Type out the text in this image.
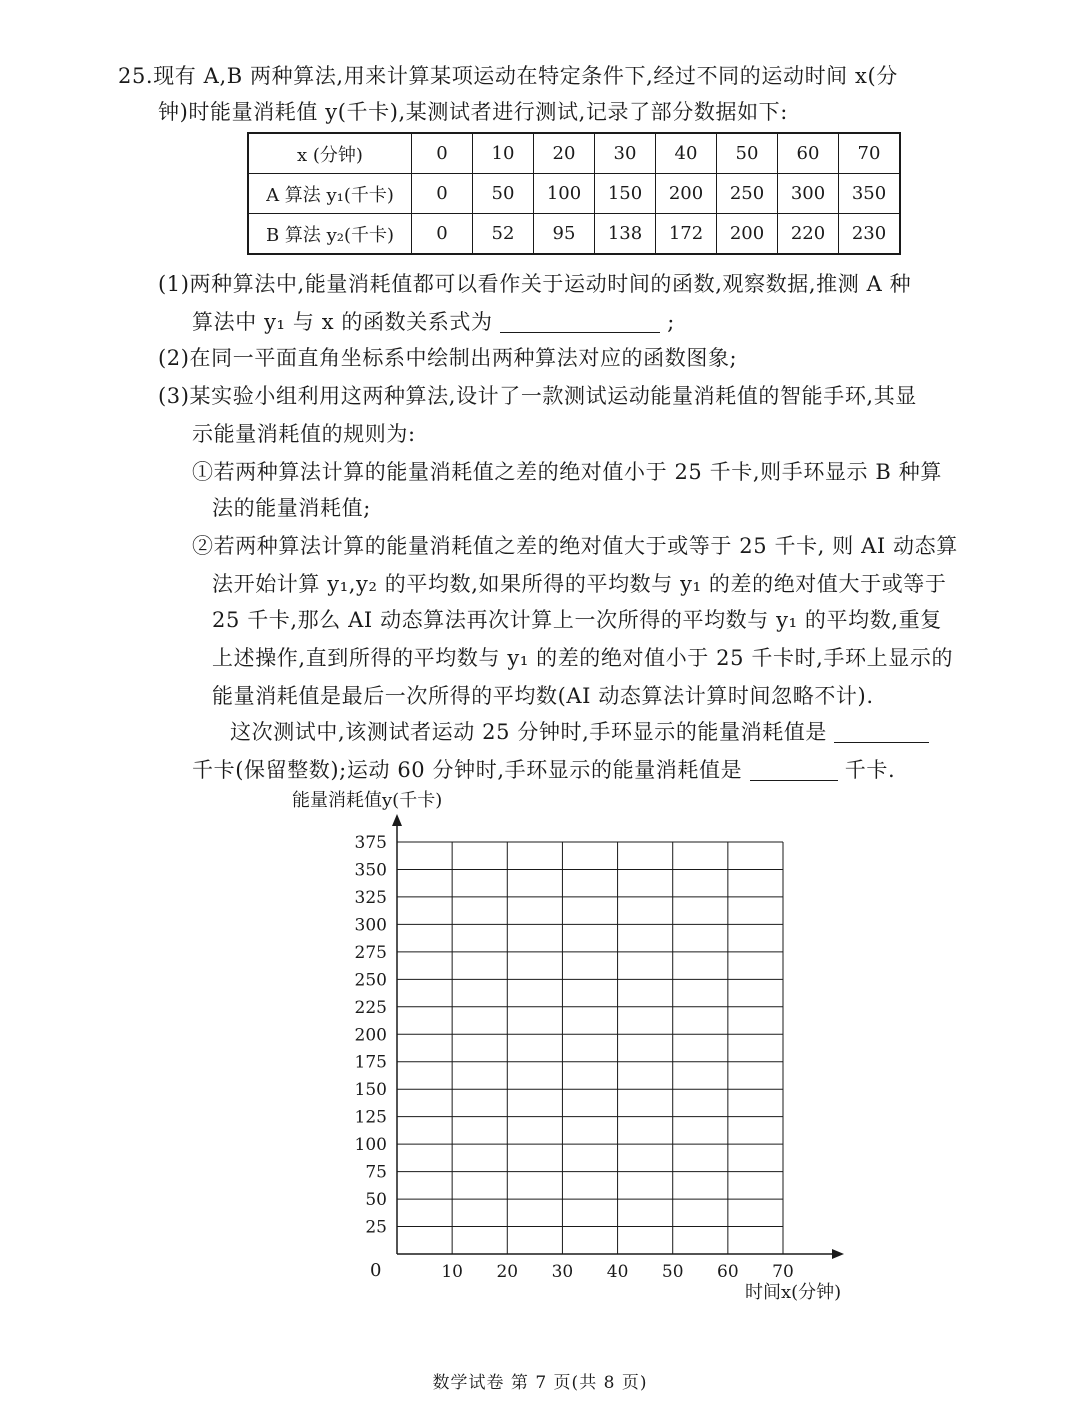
25.现有 A,B 两种算法,用来计算某项运动在特定条件下,经过不同的运动时间 x(分
钟)时能量消耗值 y(千卡),某测试者进行测试,记录了部分数据如下:
x (分钟)	0	10	20	30	40	50	60	70
A 算法 y₁(千卡)	0	50	100	150	200	250	300	350
B 算法 y₂(千卡)	0	52	95	138	172	200	220	230
(1)两种算法中,能量消耗值都可以看作关于运动时间的函数,观察数据,推测 A 种
算法中 y₁ 与 x 的函数关系式为	;
(2)在同一平面直角坐标系中绘制出两种算法对应的函数图象;
(3)某实验小组利用这两种算法,设计了一款测试运动能量消耗值的智能手环,其显
示能量消耗值的规则为:
①若两种算法计算的能量消耗值之差的绝对值小于 25 千卡,则手环显示 B 种算
法的能量消耗值;
②若两种算法计算的能量消耗值之差的绝对值大于或等于 25 千卡, 则 AI 动态算
法开始计算 y₁,y₂ 的平均数,如果所得的平均数与 y₁ 的差的绝对值大于或等于
25 千卡,那么 AI 动态算法再次计算上一次所得的平均数与 y₁ 的平均数,重复
上述操作,直到所得的平均数与 y₁ 的差的绝对值小于 25 千卡时,手环上显示的
能量消耗值是最后一次所得的平均数(AI 动态算法计算时间忽略不计).
这次测试中,该测试者运动 25 分钟时,手环显示的能量消耗值是
千卡(保留整数);运动 60 分钟时,手环显示的能量消耗值是	千卡.
能量消耗值y(千卡)
时间x(分钟)
0
25
50
75
100
125
150
175
200
225
250
275
300
325
350
375
10 20 30 40 50 60 70
数学试卷 第 7 页(共 8 页)
